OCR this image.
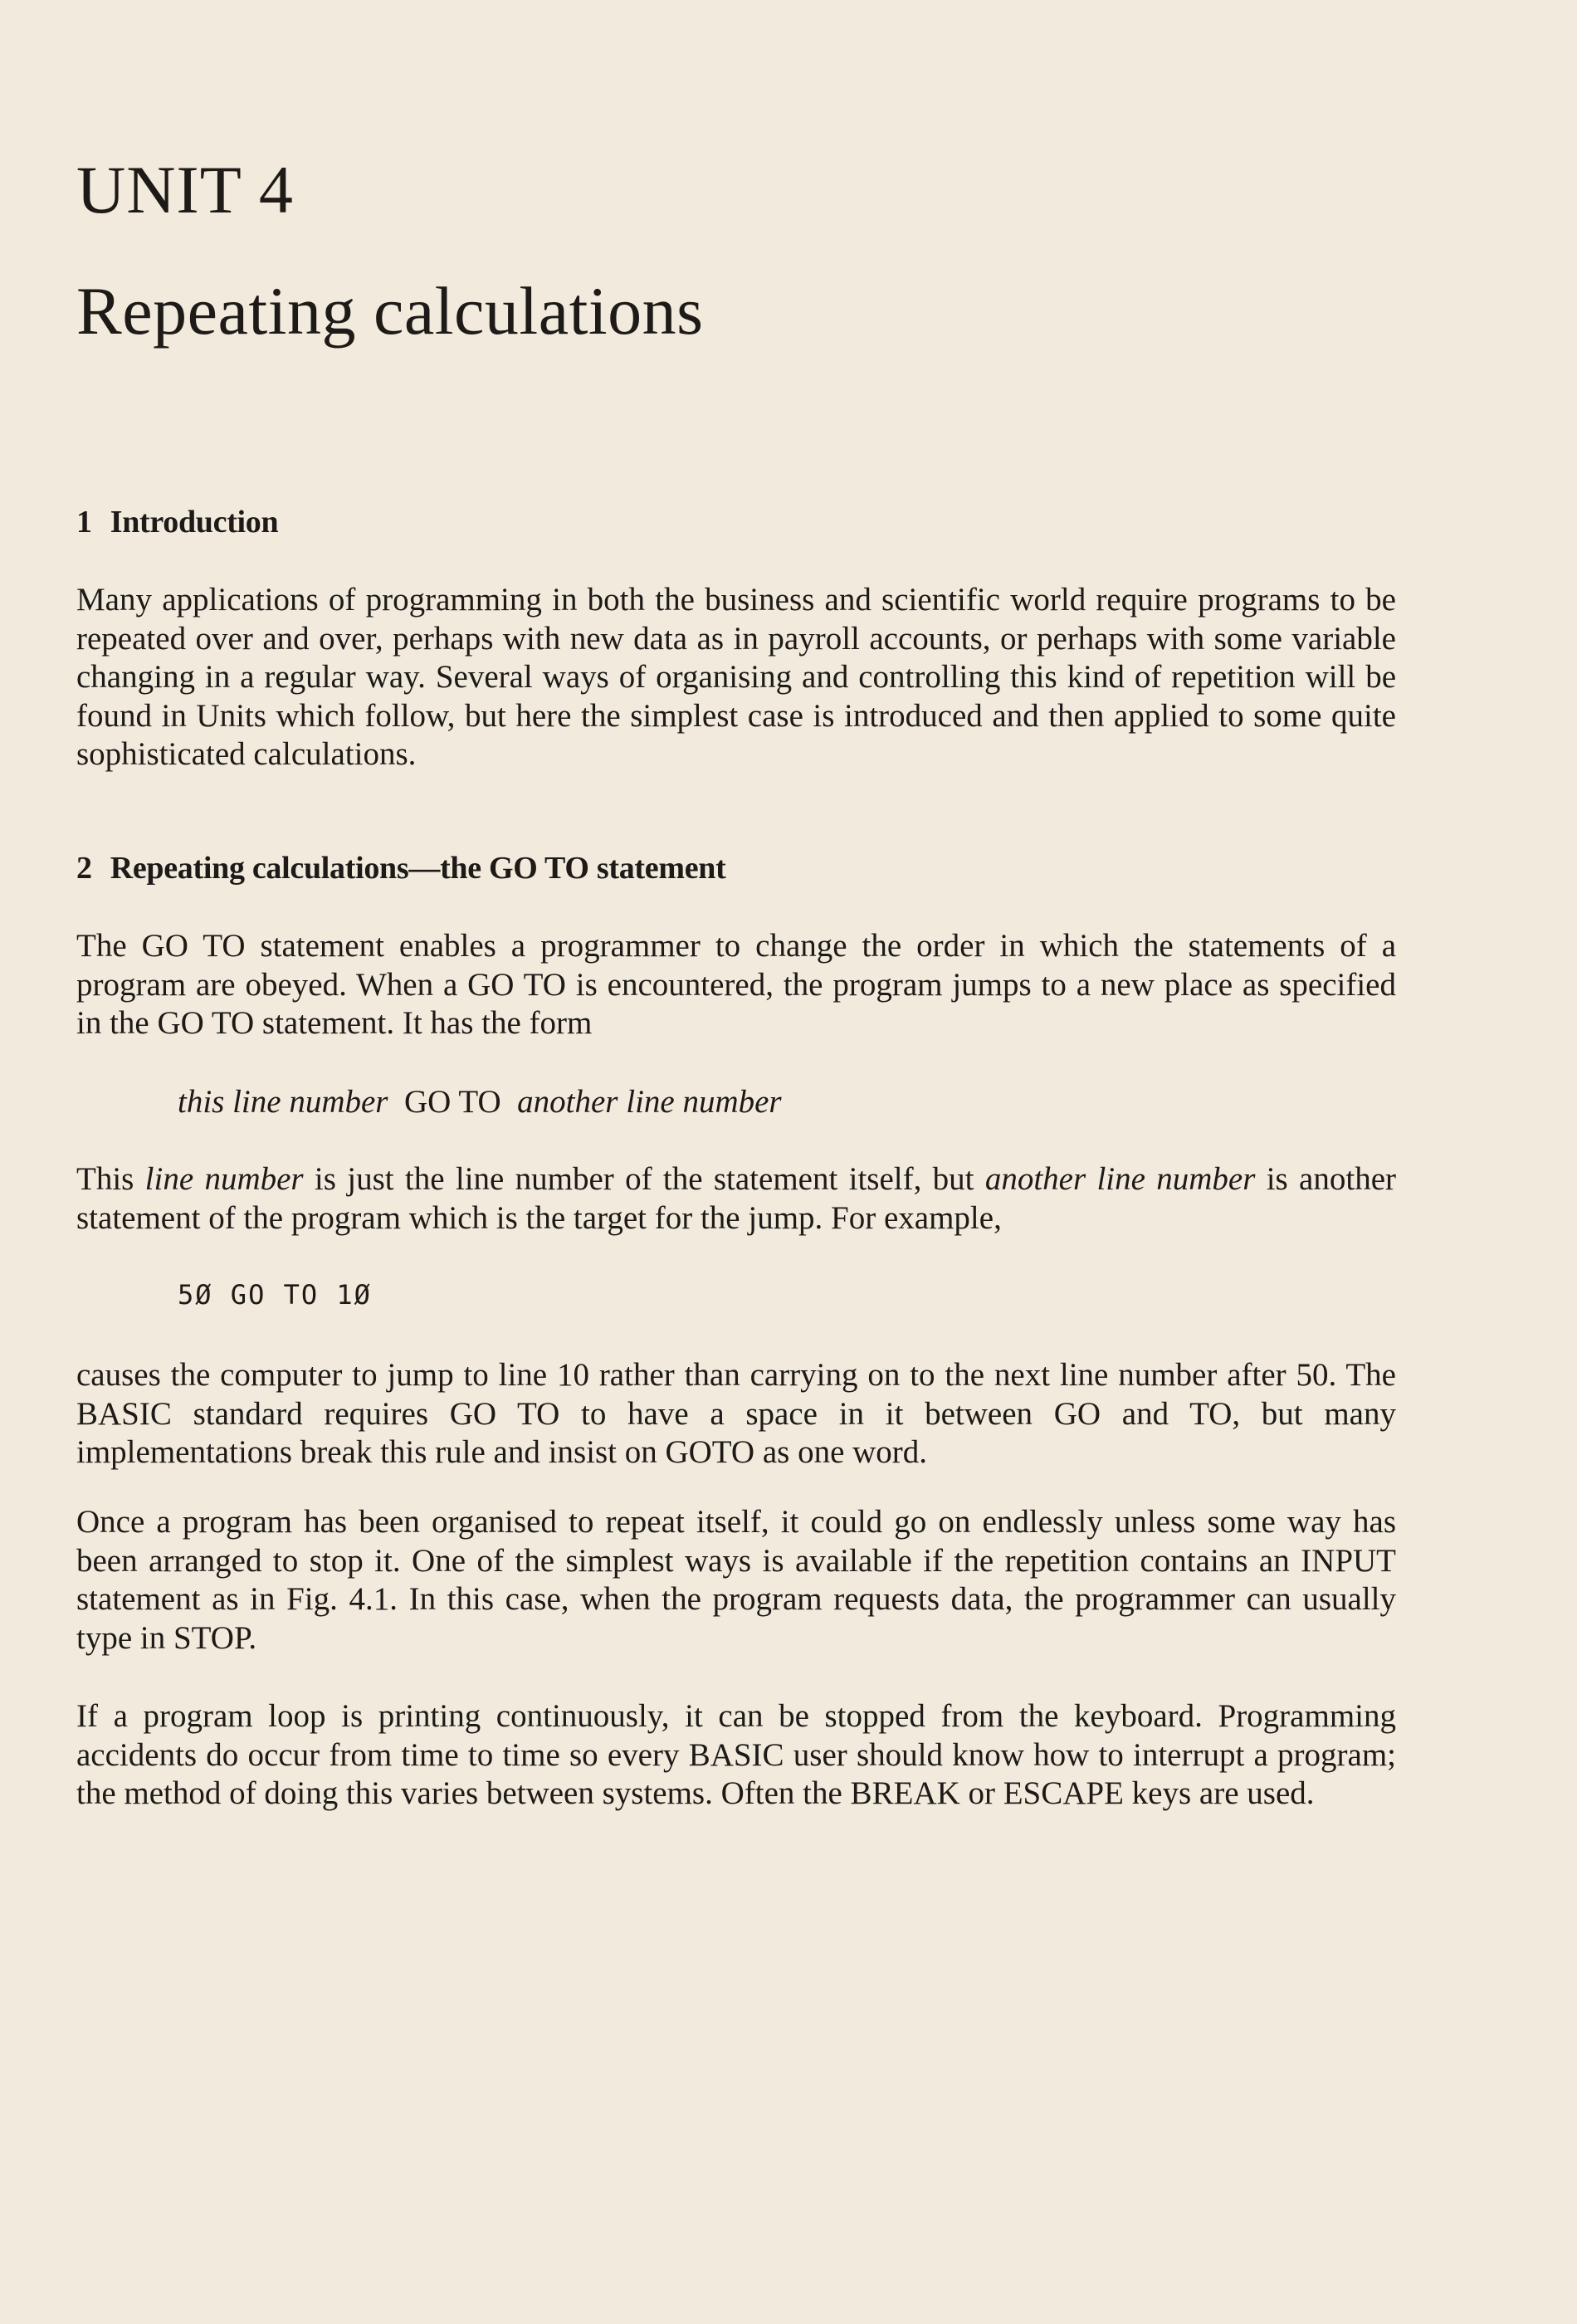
UNIT 4
Repeating calculations
1 Introduction

Many applications of programming in both the business and scientific world require programs to be repeated over and over, perhaps with new data as in payroll accounts, or perhaps with some variable changing in a regular way. Several ways of organising and controlling this kind of repetition will be found in Units which follow, but here the simplest case is introduced and then applied to some quite sophisticated calculations.

2 Repeating calculations—the GO TO statement

The GO TO statement enables a programmer to change the order in which the statements of a program are obeyed. When a GO TO is encountered, the program jumps to a new place as specified in the GO TO statement. It has the form

this line number GO TO another line number

This line number is just the line number of the statement itself, but another line number is another statement of the program which is the target for the jump. For example,

5Ø GO TO 1Ø

causes the computer to jump to line 10 rather than carrying on to the next line number after 50. The BASIC standard requires GO TO to have a space in it between GO and TO, but many implementations break this rule and insist on GOTO as one word.

Once a program has been organised to repeat itself, it could go on endlessly unless some way has been arranged to stop it. One of the simplest ways is available if the repetition contains an INPUT statement as in Fig. 4.1. In this case, when the program requests data, the programmer can usually type in STOP.

If a program loop is printing continuously, it can be stopped from the keyboard. Programming accidents do occur from time to time so every BASIC user should know how to interrupt a program; the method of doing this varies between systems. Often the BREAK or ESCAPE keys are used.
